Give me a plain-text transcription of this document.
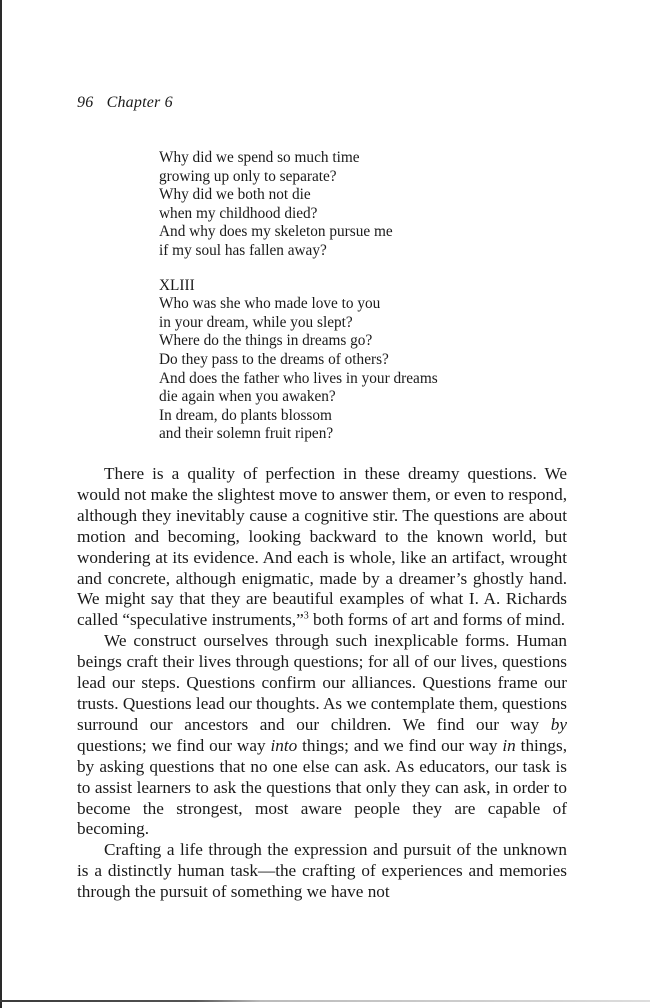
96 Chapter 6
Why did we spend so much time
growing up only to separate?
Why did we both not die
when my childhood died?
And why does my skeleton pursue me
if my soul has fallen away?
XLIII
Who was she who made love to you
in your dream, while you slept?
Where do the things in dreams go?
Do they pass to the dreams of others?
And does the father who lives in your dreams
die again when you awaken?
In dream, do plants blossom
and their solemn fruit ripen?

There is a quality of perfection in these dreamy questions. We would not make the slightest move to answer them, or even to respond, although they inevitably cause a cognitive stir. The questions are about motion and becoming, looking backward to the known world, but wondering at its evidence. And each is whole, like an artifact, wrought and concrete, although enigmatic, made by a dreamer’s ghostly hand. We might say that they are beautiful examples of what I. A. Richards called “speculative instruments,”$^3$ both forms of art and forms of mind.

We construct ourselves through such inexplicable forms. Human beings craft their lives through questions; for all of our lives, questions lead our steps. Questions confirm our alliances. Questions frame our trusts. Questions lead our thoughts. As we contemplate them, questions surround our ancestors and our children. We find our way by questions; we find our way into things; and we find our way in things, by asking questions that no one else can ask. As educators, our task is to assist learners to ask the questions that only they can ask, in order to become the strongest, most aware people they are capable of becoming.

Crafting a life through the expression and pursuit of the unknown is a distinctly human task—the crafting of experiences and memories through the pursuit of something we have not
